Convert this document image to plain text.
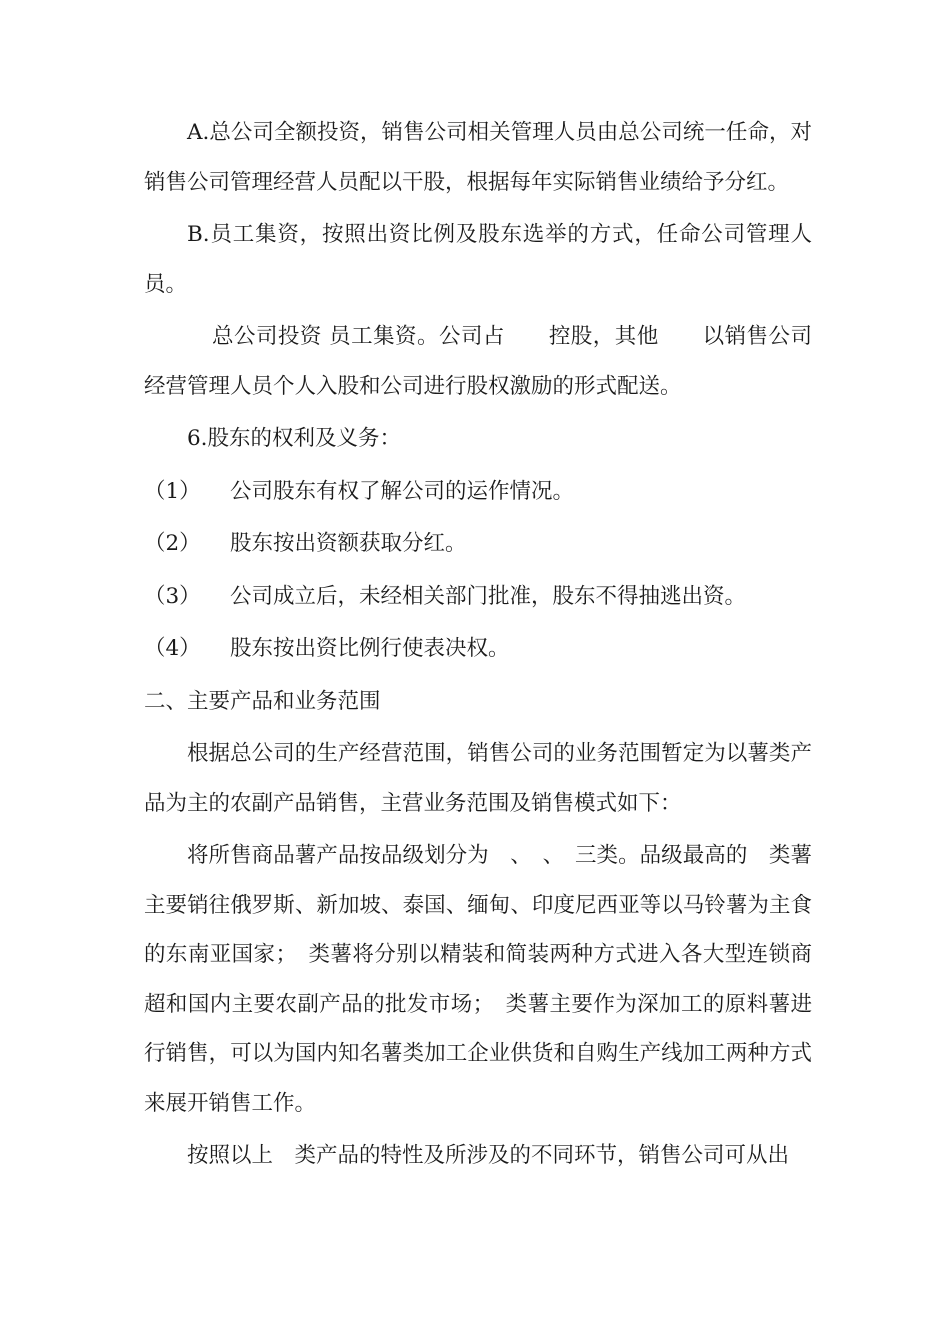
A.总公司全额投资，销售公司相关管理人员由总公司统一任命，对销售公司管理经营人员配以干股，根据每年实际销售业绩给予分红。

B.员工集资，按照出资比例及股东选举的方式，任命公司管理人员。

总公司投资 员工集资。公司占　　控股，其他　　以销售公司经营管理人员个人入股和公司进行股权激励的形式配送。

6.股东的权利及义务：

（1）	公司股东有权了解公司的运作情况。
（2）	股东按出资额获取分红。
（3）	公司成立后，未经相关部门批准，股东不得抽逃出资。
（4）	股东按出资比例行使表决权。

二、主要产品和业务范围

根据总公司的生产经营范围，销售公司的业务范围暂定为以薯类产品为主的农副产品销售，主营业务范围及销售模式如下：

将所售商品薯产品按品级划分为　、　、　三类。品级最高的　类薯主要销往俄罗斯、新加坡、泰国、缅甸、印度尼西亚等以马铃薯为主食的东南亚国家；　类薯将分别以精装和简装两种方式进入各大型连锁商超和国内主要农副产品的批发市场；　类薯主要作为深加工的原料薯进行销售，可以为国内知名薯类加工企业供货和自购生产线加工两种方式来展开销售工作。

按照以上　类产品的特性及所涉及的不同环节，销售公司可从出
